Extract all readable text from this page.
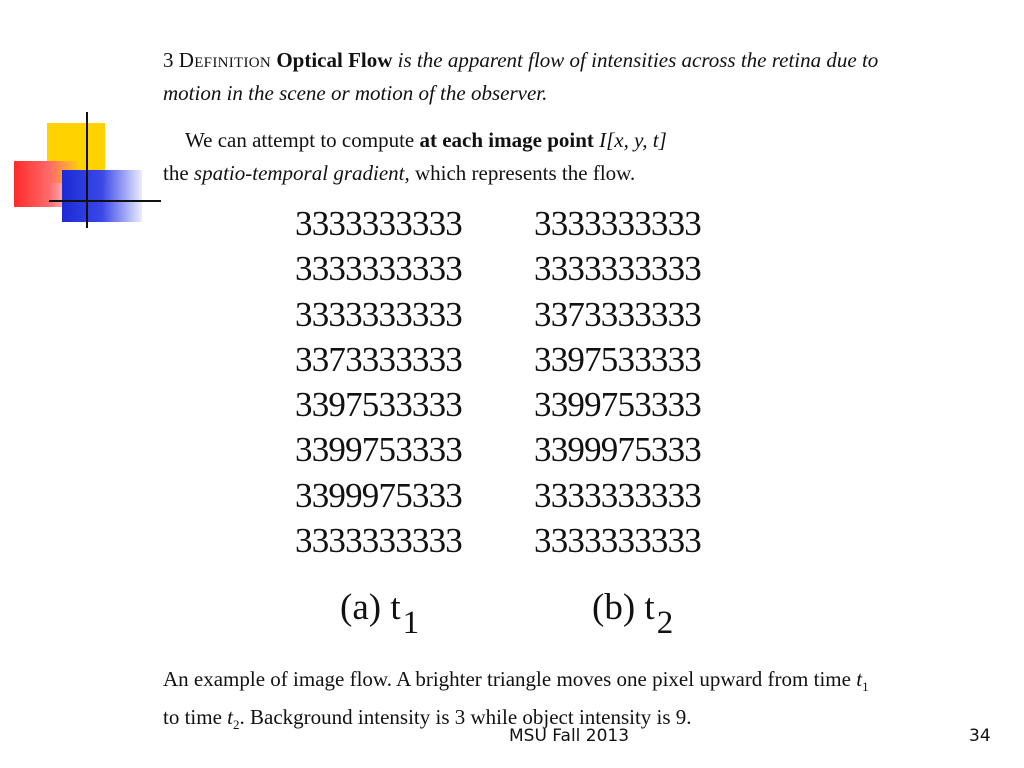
3 Definition Optical Flow is the apparent flow of intensities across the retina due to motion in the scene or motion of the observer.
We can attempt to compute at each image point I[x, y, t]
the spatio-temporal gradient, which represents the flow.
3333333333
3333333333
3333333333
3373333333
3397533333
3399753333
3399975333
3333333333
3333333333
3333333333
3373333333
3397533333
3399753333
3399975333
3333333333
3333333333
(a) t1	(b) t2
An example of image flow. A brighter triangle moves one pixel upward from time $t_1$ to time $t_2$. Background intensity is 3 while object intensity is 9.
MSU Fall 2013	34
